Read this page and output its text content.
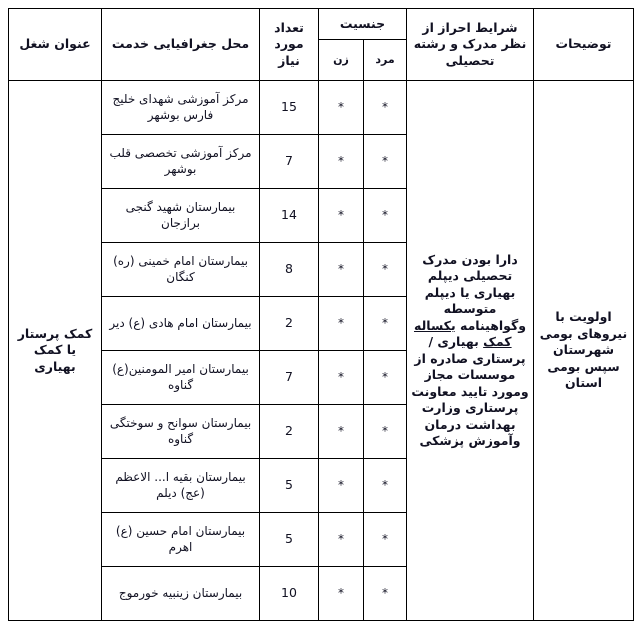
توضیحات	شرایط احراز از نظر مدرک و رشته تحصیلی	جنسیت		تعداد مورد نیاز	محل جغرافیایی خدمت	عنوان شغل
		مرد	زن			
اولویت با نیروهای بومی شهرستان سپس بومی استان	دارا بودن مدرک تحصیلی دیپلم بهیاری یا دیپلم متوسطه وگواهینامه یکساله کمک بهیاری / پرستاری صادره از موسسات مجاز ومورد تایید معاونت پرستاری وزارت بهداشت درمان وآموزش پزشکی	*	*	15	مرکز آموزشی شهدای خلیج فارس بوشهر	کمک پرستار یا کمک بهیاری
		*	*	7	مرکز آموزشی تخصصی قلب بوشهر	
		*	*	14	بیمارستان شهید گنجی برازجان	
		*	*	8	بیمارستان امام خمینی (ره) کنگان	
		*	*	2	بیمارستان امام هادی (ع) دیر	
		*	*	7	بیمارستان امیر المومنین(ع) گناوه	
		*	*	2	بیمارستان سوانح و سوختگی گناوه	
		*	*	5	بیمارستان بقیه ا... الاعظم (عج) دیلم	
		*	*	5	بیمارستان امام حسین (ع) اهرم	
		*	*	10	بیمارستان زینبیه خورموج	
